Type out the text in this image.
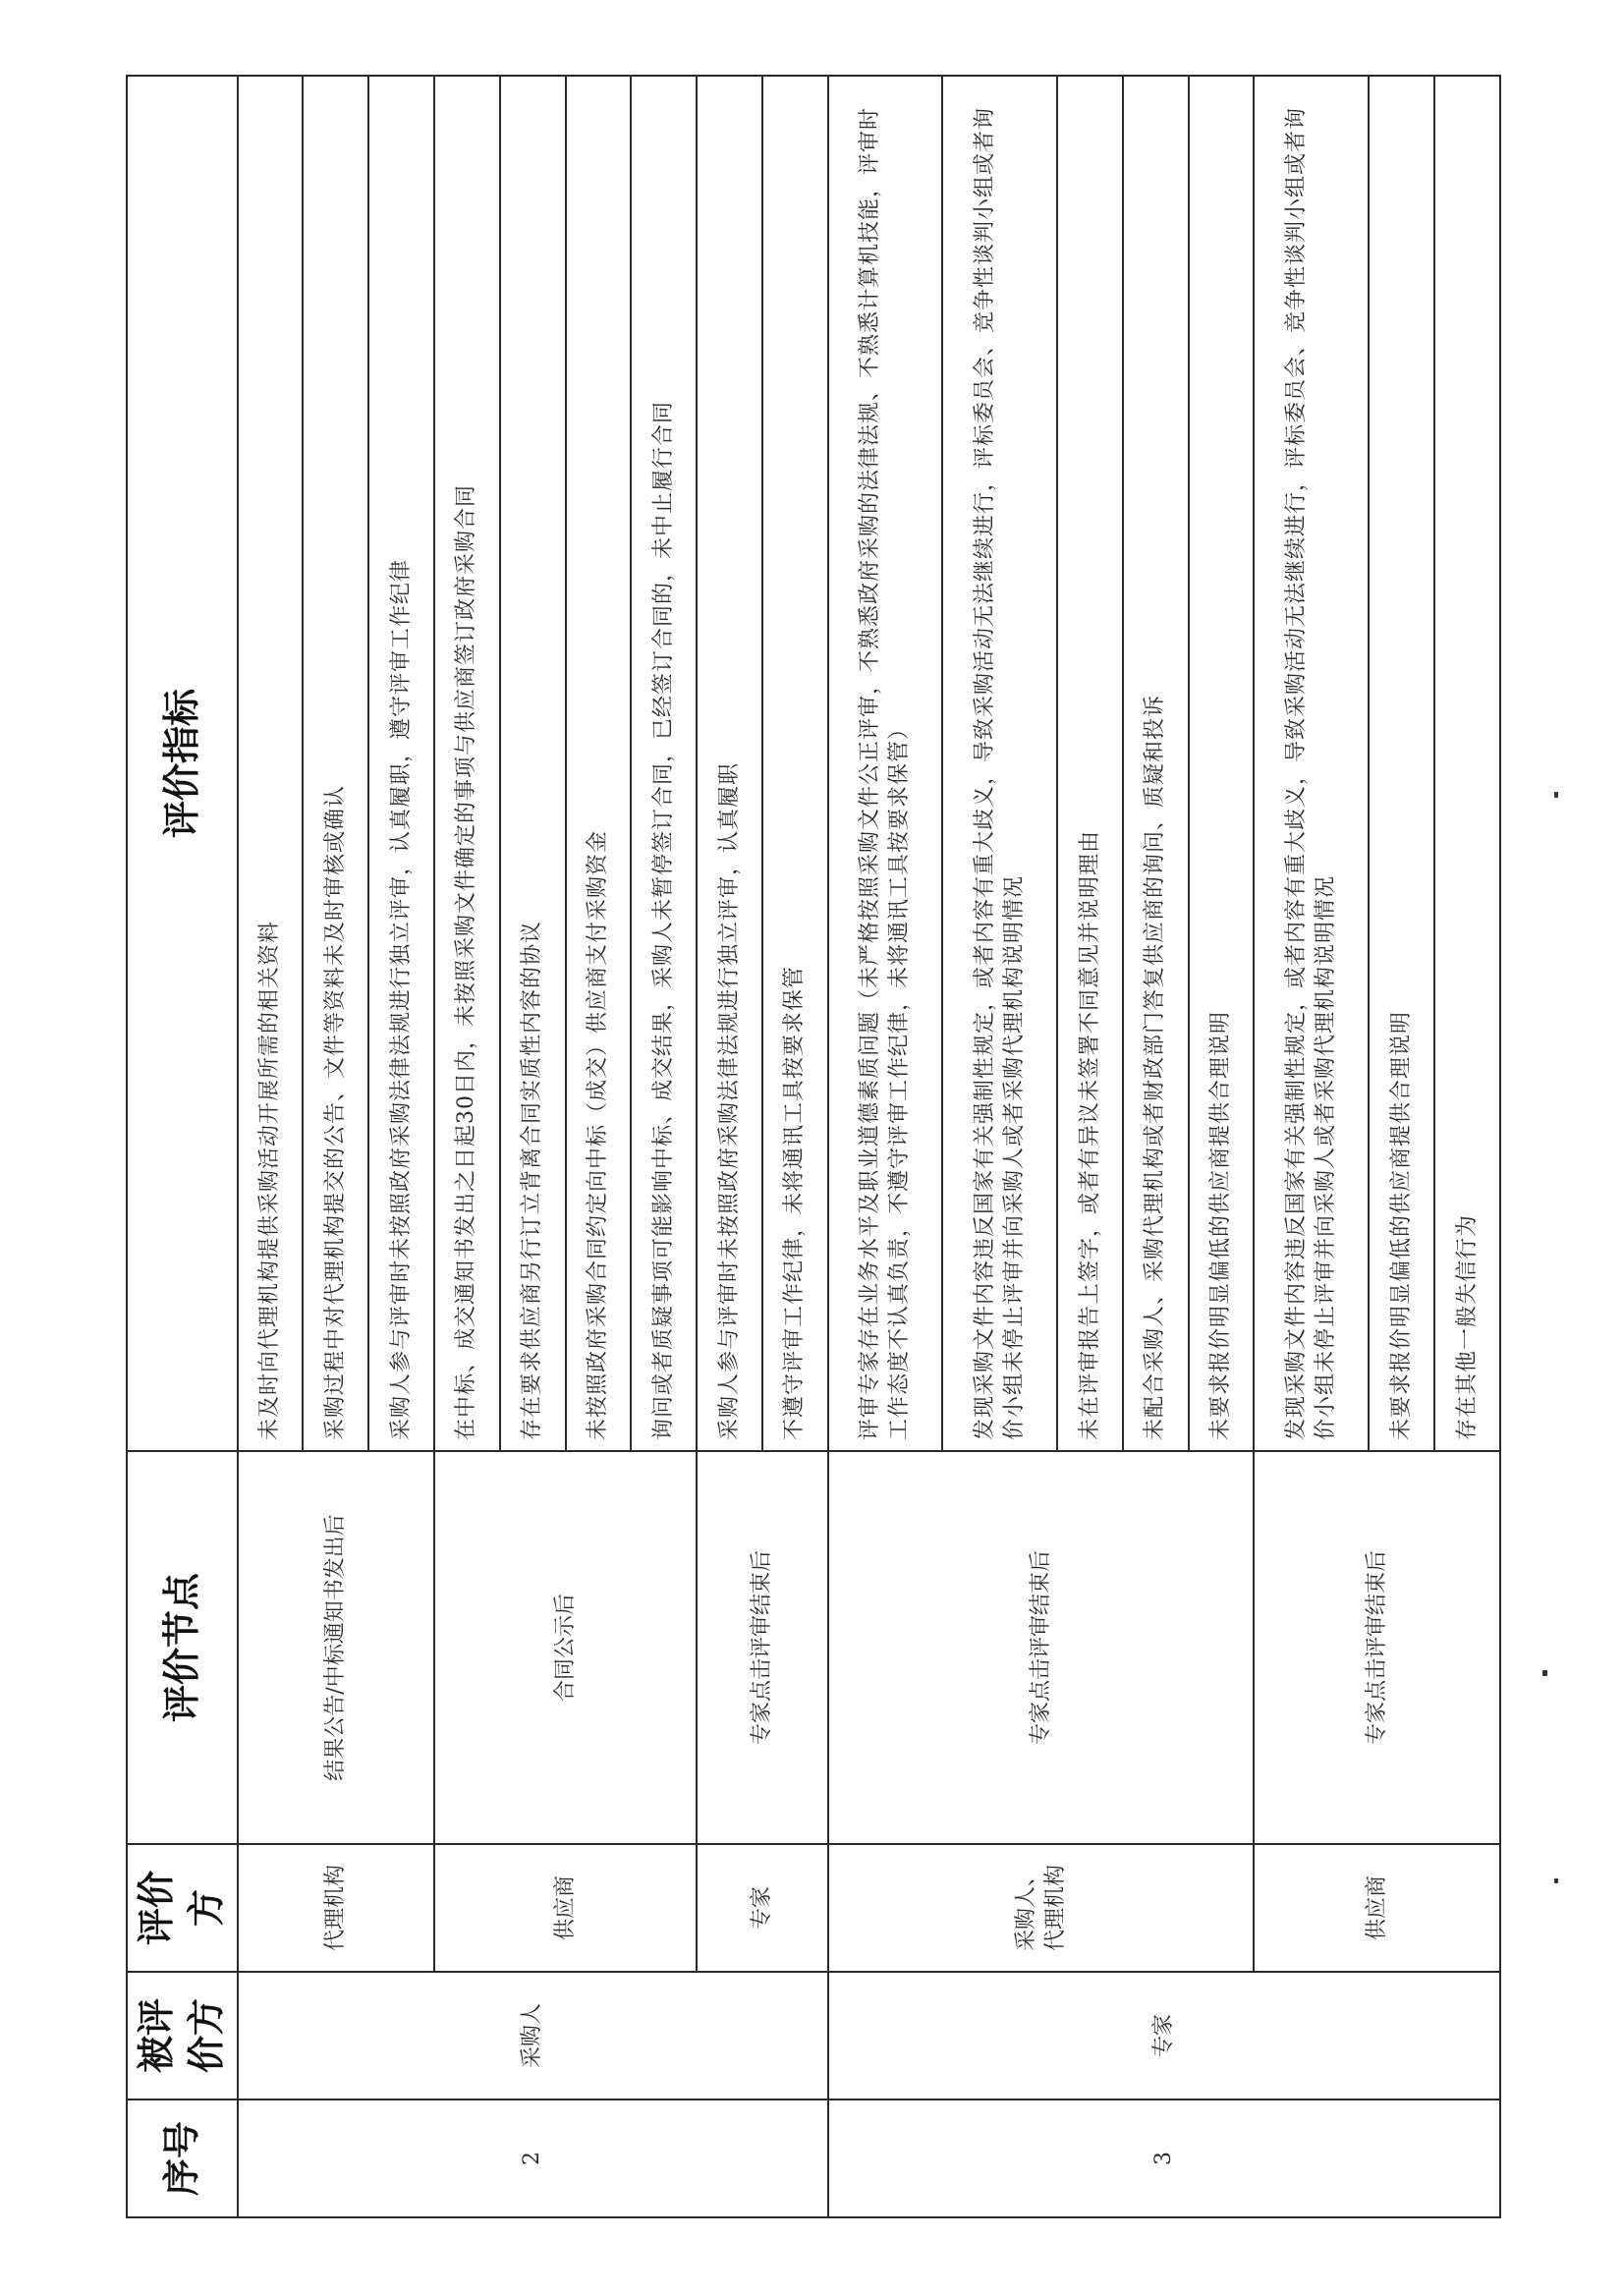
序号	被评价方	评价方	评价节点	评价指标
2	采购人	代理机构	结果公告/中标通知书发出后	未及时向代理机构提供采购活动开展所需的相关资料
				采购过程中对代理机构提交的公告、文件等资料未及时审核或确认
				采购人参与评审时未按照政府采购法律法规进行独立评审，认真履职，遵守评审工作纪律
		供应商	合同公示后	在中标、成交通知书发出之日起30日内，未按照采购文件确定的事项与供应商签订政府采购合同
				存在要求供应商另行订立背离合同实质性内容的协议
				未按照政府采购合同约定向中标（成交）供应商支付采购资金
				询问或者质疑事项可能影响中标、成交结果，采购人未暂停签订合同，已经签订合同的，未中止履行合同
		专家	专家点击评审结束后	采购人参与评审时未按照政府采购法律法规进行独立评审，认真履职
				不遵守评审工作纪律，未将通讯工具按要求保管
3	专家	采购人、代理机构	专家点击评审结束后	评审专家存在业务水平及职业道德素质问题（未严格按照采购文件公正评审，不熟悉政府采购的法律法规、不熟悉计算机技能，评审时工作态度不认真负责，不遵守评审工作纪律，未将通讯工具按要求保管）
				发现采购文件内容违反国家有关强制性规定，或者内容有重大歧义，导致采购活动无法继续进行，评标委员会、竞争性谈判小组或者询价小组未停止评审并向采购人或者采购代理机构说明情况
				未在评审报告上签字，或者有异议未签署不同意见并说明理由
				未配合采购人、采购代理机构或者财政部门答复供应商的询问、质疑和投诉
				未要求报价明显偏低的供应商提供合理说明
		供应商	专家点击评审结束后	发现采购文件内容违反国家有关强制性规定，或者内容有重大歧义，导致采购活动无法继续进行，评标委员会、竞争性谈判小组或者询价小组未停止评审并向采购人或者采购代理机构说明情况
				未要求报价明显偏低的供应商提供合理说明
				存在其他一般失信行为
